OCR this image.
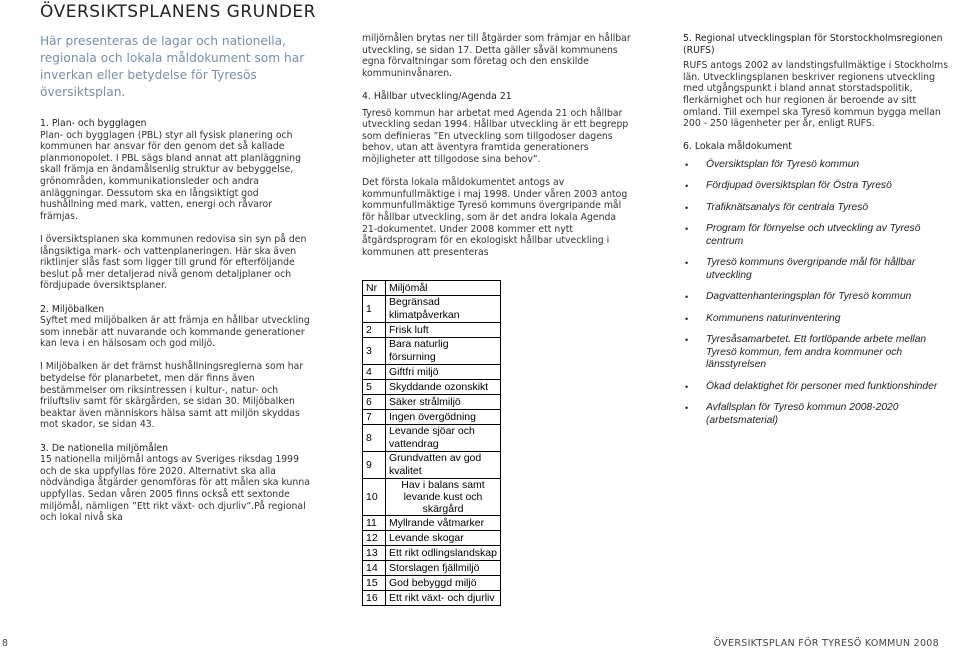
ÖVERSIKTSPLANENS GRUNDER

Här presenteras de lagar och nationella, regionala och lokala måldokument som har inverkan eller betydelse för Tyresös översiktsplan.

1. Plan- och bygglagen

Plan- och bygglagen (PBL) styr all fysisk planering och kommunen har ansvar för den genom det så kallade planmonopolet. I PBL sägs bland annat att planläggning skall främja en ändamålsenlig struktur av bebyggelse, grönområden, kommunikationsleder och andra anläggningar. Dessutom ska en långsiktigt god hushållning med mark, vatten, energi och råvaror främjas.

I översiktsplanen ska kommunen redovisa sin syn på den långsiktiga mark- och vattenplaneringen. Här ska även riktlinjer slås fast som ligger till grund för efterföljande beslut på mer detaljerad nivå genom detaljplaner och fördjupade översiktsplaner.

2. Miljöbalken

Syftet med miljöbalken är att främja en hållbar utveckling som innebär att nuvarande och kommande generationer kan leva i en hälsosam och god miljö.

I Miljöbalken är det främst hushållningsreglerna som har betydelse för planarbetet, men där finns även bestämmelser om riksintressen i kultur-, natur- och friluftsliv samt för skärgården, se sidan 30. Miljöbalken beaktar även människors hälsa samt att miljön skyddas mot skador, se sidan 43.

3. De nationella miljömålen

15 nationella miljömål antogs av Sveriges riksdag 1999 och de ska uppfyllas före 2020. Alternativt ska alla nödvändiga åtgärder genomföras för att målen ska kunna uppfyllas. Sedan våren 2005 finns också ett sextonde miljömål, nämligen ”Ett rikt växt- och djurliv”.På regional och lokal nivå ska

miljömålen brytas ner till åtgärder som främjar en hållbar utveckling, se sidan 17. Detta gäller såväl kommunens egna förvaltningar som företag och den enskilde kommuninvånaren.

4. Hållbar utveckling/Agenda 21

Tyresö kommun har arbetat med Agenda 21 och hållbar utveckling sedan 1994. Hållbar utveckling är ett begrepp som definieras ”En utveckling som tillgodoser dagens behov, utan att äventyra framtida generationers möjligheter att tillgodose sina behov”.

Det första lokala måldokumentet antogs av kommunfullmäktige i maj 1998. Under våren 2003 antog kommunfullmäktige Tyresö kommuns övergripande mål för hållbar utveckling, som är det andra lokala Agenda 21-dokumentet. Under 2008 kommer ett nytt åtgärdsprogram för en ekologiskt hållbar utveckling i kommunen att presenteras

Nr	Miljömål
1	Begränsad klimatpåverkan
2	Frisk luft
3	Bara naturlig försurning
4	Giftfri miljö
5	Skyddande ozonskikt
6	Säker strålmiljö
7	Ingen övergödning
8	Levande sjöar och vattendrag
9	Grundvatten av god kvalitet
10	Hav i balans samt levande kust och skärgård
11	Myllrande våtmarker
12	Levande skogar
13	Ett rikt odlingslandskap
14	Storslagen fjällmiljö
15	God bebyggd miljö
16	Ett rikt växt- och djurliv

5. Regional utvecklingsplan för Storstockholmsregionen (RUFS)

RUFS antogs 2002 av landstingsfullmäktige i Stockholms län. Utvecklingsplanen beskriver regionens utveckling med utgångspunkt i bland annat storstadspolitik, flerkärnighet och hur regionen är beroende av sitt omland. Till exempel ska Tyresö kommun bygga mellan 200 - 250 lägenheter per år, enligt RUFS.

6. Lokala måldokument

• Översiktsplan för Tyresö kommun
• Fördjupad översiktsplan för Östra Tyresö
• Trafiknätsanalys för centrala Tyresö
• Program för förnyelse och utveckling av Tyresö centrum
• Tyresö kommuns övergripande mål för hållbar utveckling
• Dagvattenhanteringsplan för Tyresö kommun
• Kommunens naturinventering
• Tyresåsamarbetet. Ett fortlöpande arbete mellan Tyresö kommun, fem andra kommuner och länsstyrelsen
• Ökad delaktighet för personer med funktionshinder
• Avfallsplan för Tyresö kommun 2008-2020 (arbetsmaterial)
8	ÖVERSIKTSPLAN FÖR TYRESÖ KOMMUN 2008
